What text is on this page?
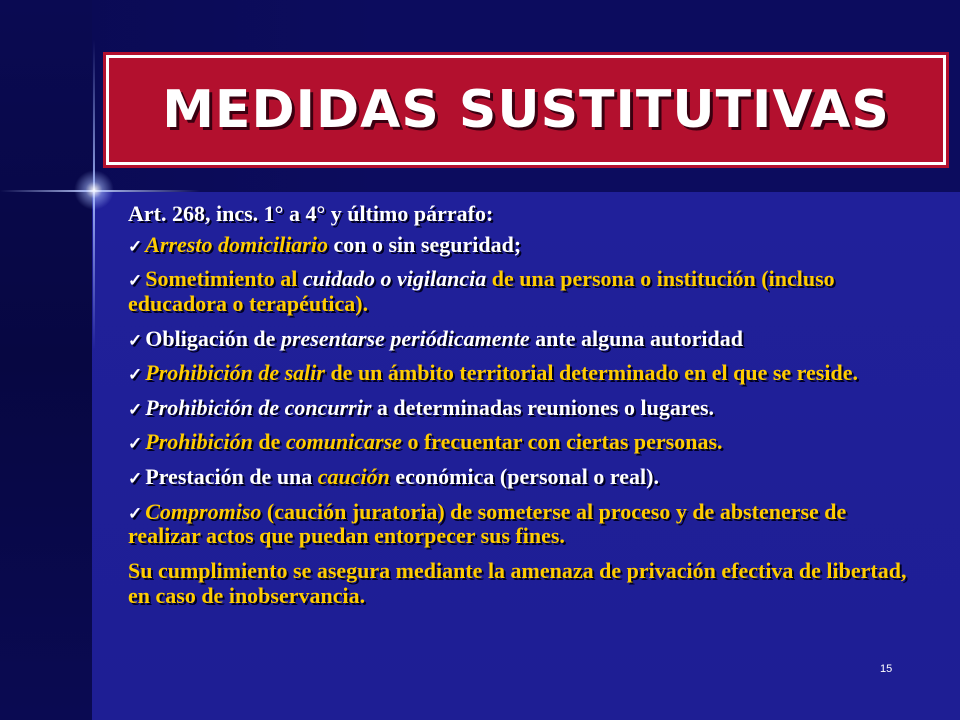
MEDIDAS SUSTITUTIVAS
Art. 268, incs. 1° a 4° y último párrafo:
✓ Arresto domiciliario con o sin seguridad;
✓ Sometimiento al cuidado o vigilancia de una persona o institución (incluso educadora o terapéutica).
✓ Obligación de presentarse periódicamente ante alguna autoridad
✓ Prohibición de salir de un ámbito territorial determinado en el que se reside.
✓ Prohibición de concurrir a determinadas reuniones o lugares.
✓ Prohibición de comunicarse o frecuentar con ciertas personas.
✓ Prestación de una caución económica (personal o real).
✓ Compromiso (caución juratoria) de someterse al proceso y de abstenerse de realizar actos que puedan entorpecer sus fines.
Su cumplimiento se asegura mediante la amenaza de privación efectiva de libertad, en caso de inobservancia.
15
